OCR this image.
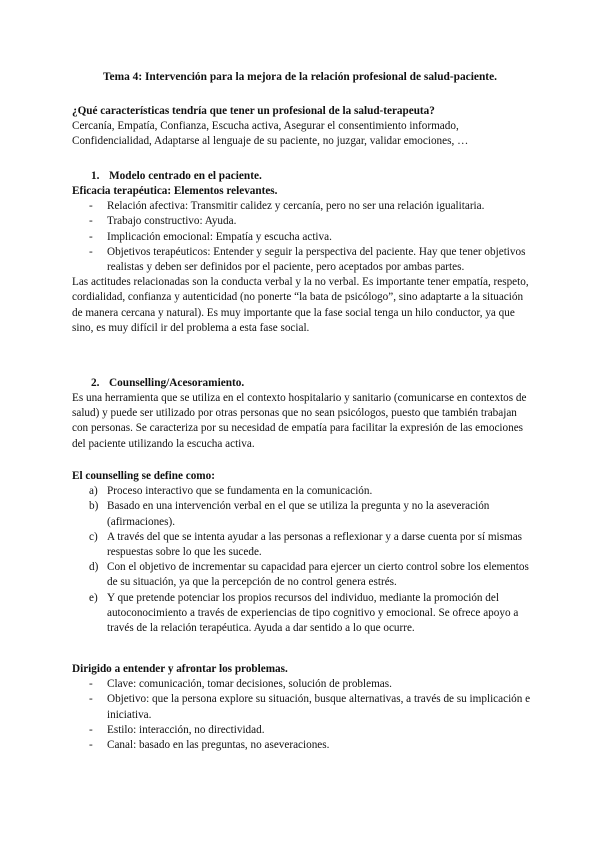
Tema 4: Intervención para la mejora de la relación profesional de salud-paciente.

¿Qué características tendría que tener un profesional de la salud-terapeuta?

Cercanía, Empatía, Confianza, Escucha activa, Asegurar el consentimiento informado, Confidencialidad, Adaptarse al lenguaje de su paciente, no juzgar, validar emociones, …

1. Modelo centrado en el paciente.

Eficacia terapéutica: Elementos relevantes.

- Relación afectiva: Transmitir calidez y cercanía, pero no ser una relación igualitaria.
- Trabajo constructivo: Ayuda.
- Implicación emocional: Empatía y escucha activa.
- Objetivos terapéuticos: Entender y seguir la perspectiva del paciente. Hay que tener objetivos realistas y deben ser definidos por el paciente, pero aceptados por ambas partes.

Las actitudes relacionadas son la conducta verbal y la no verbal. Es importante tener empatía, respeto, cordialidad, confianza y autenticidad (no ponerte “la bata de psicólogo”, sino adaptarte a la situación de manera cercana y natural). Es muy importante que la fase social tenga un hilo conductor, ya que sino, es muy difícil ir del problema a esta fase social.

2. Counselling/Acesoramiento.

Es una herramienta que se utiliza en el contexto hospitalario y sanitario (comunicarse en contextos de salud) y puede ser utilizado por otras personas que no sean psicólogos, puesto que también trabajan con personas. Se caracteriza por su necesidad de empatía para facilitar la expresión de las emociones del paciente utilizando la escucha activa.

El counselling se define como:

a) Proceso interactivo que se fundamenta en la comunicación.
b) Basado en una intervención verbal en el que se utiliza la pregunta y no la aseveración (afirmaciones).
c) A través del que se intenta ayudar a las personas a reflexionar y a darse cuenta por sí mismas respuestas sobre lo que les sucede.
d) Con el objetivo de incrementar su capacidad para ejercer un cierto control sobre los elementos de su situación, ya que la percepción de no control genera estrés.
e) Y que pretende potenciar los propios recursos del individuo, mediante la promoción del autoconocimiento a través de experiencias de tipo cognitivo y emocional. Se ofrece apoyo a través de la relación terapéutica. Ayuda a dar sentido a lo que ocurre.

Dirigido a entender y afrontar los problemas.

- Clave: comunicación, tomar decisiones, solución de problemas.
- Objetivo: que la persona explore su situación, busque alternativas, a través de su implicación e iniciativa.
- Estilo: interacción, no directividad.
- Canal: basado en las preguntas, no aseveraciones.
